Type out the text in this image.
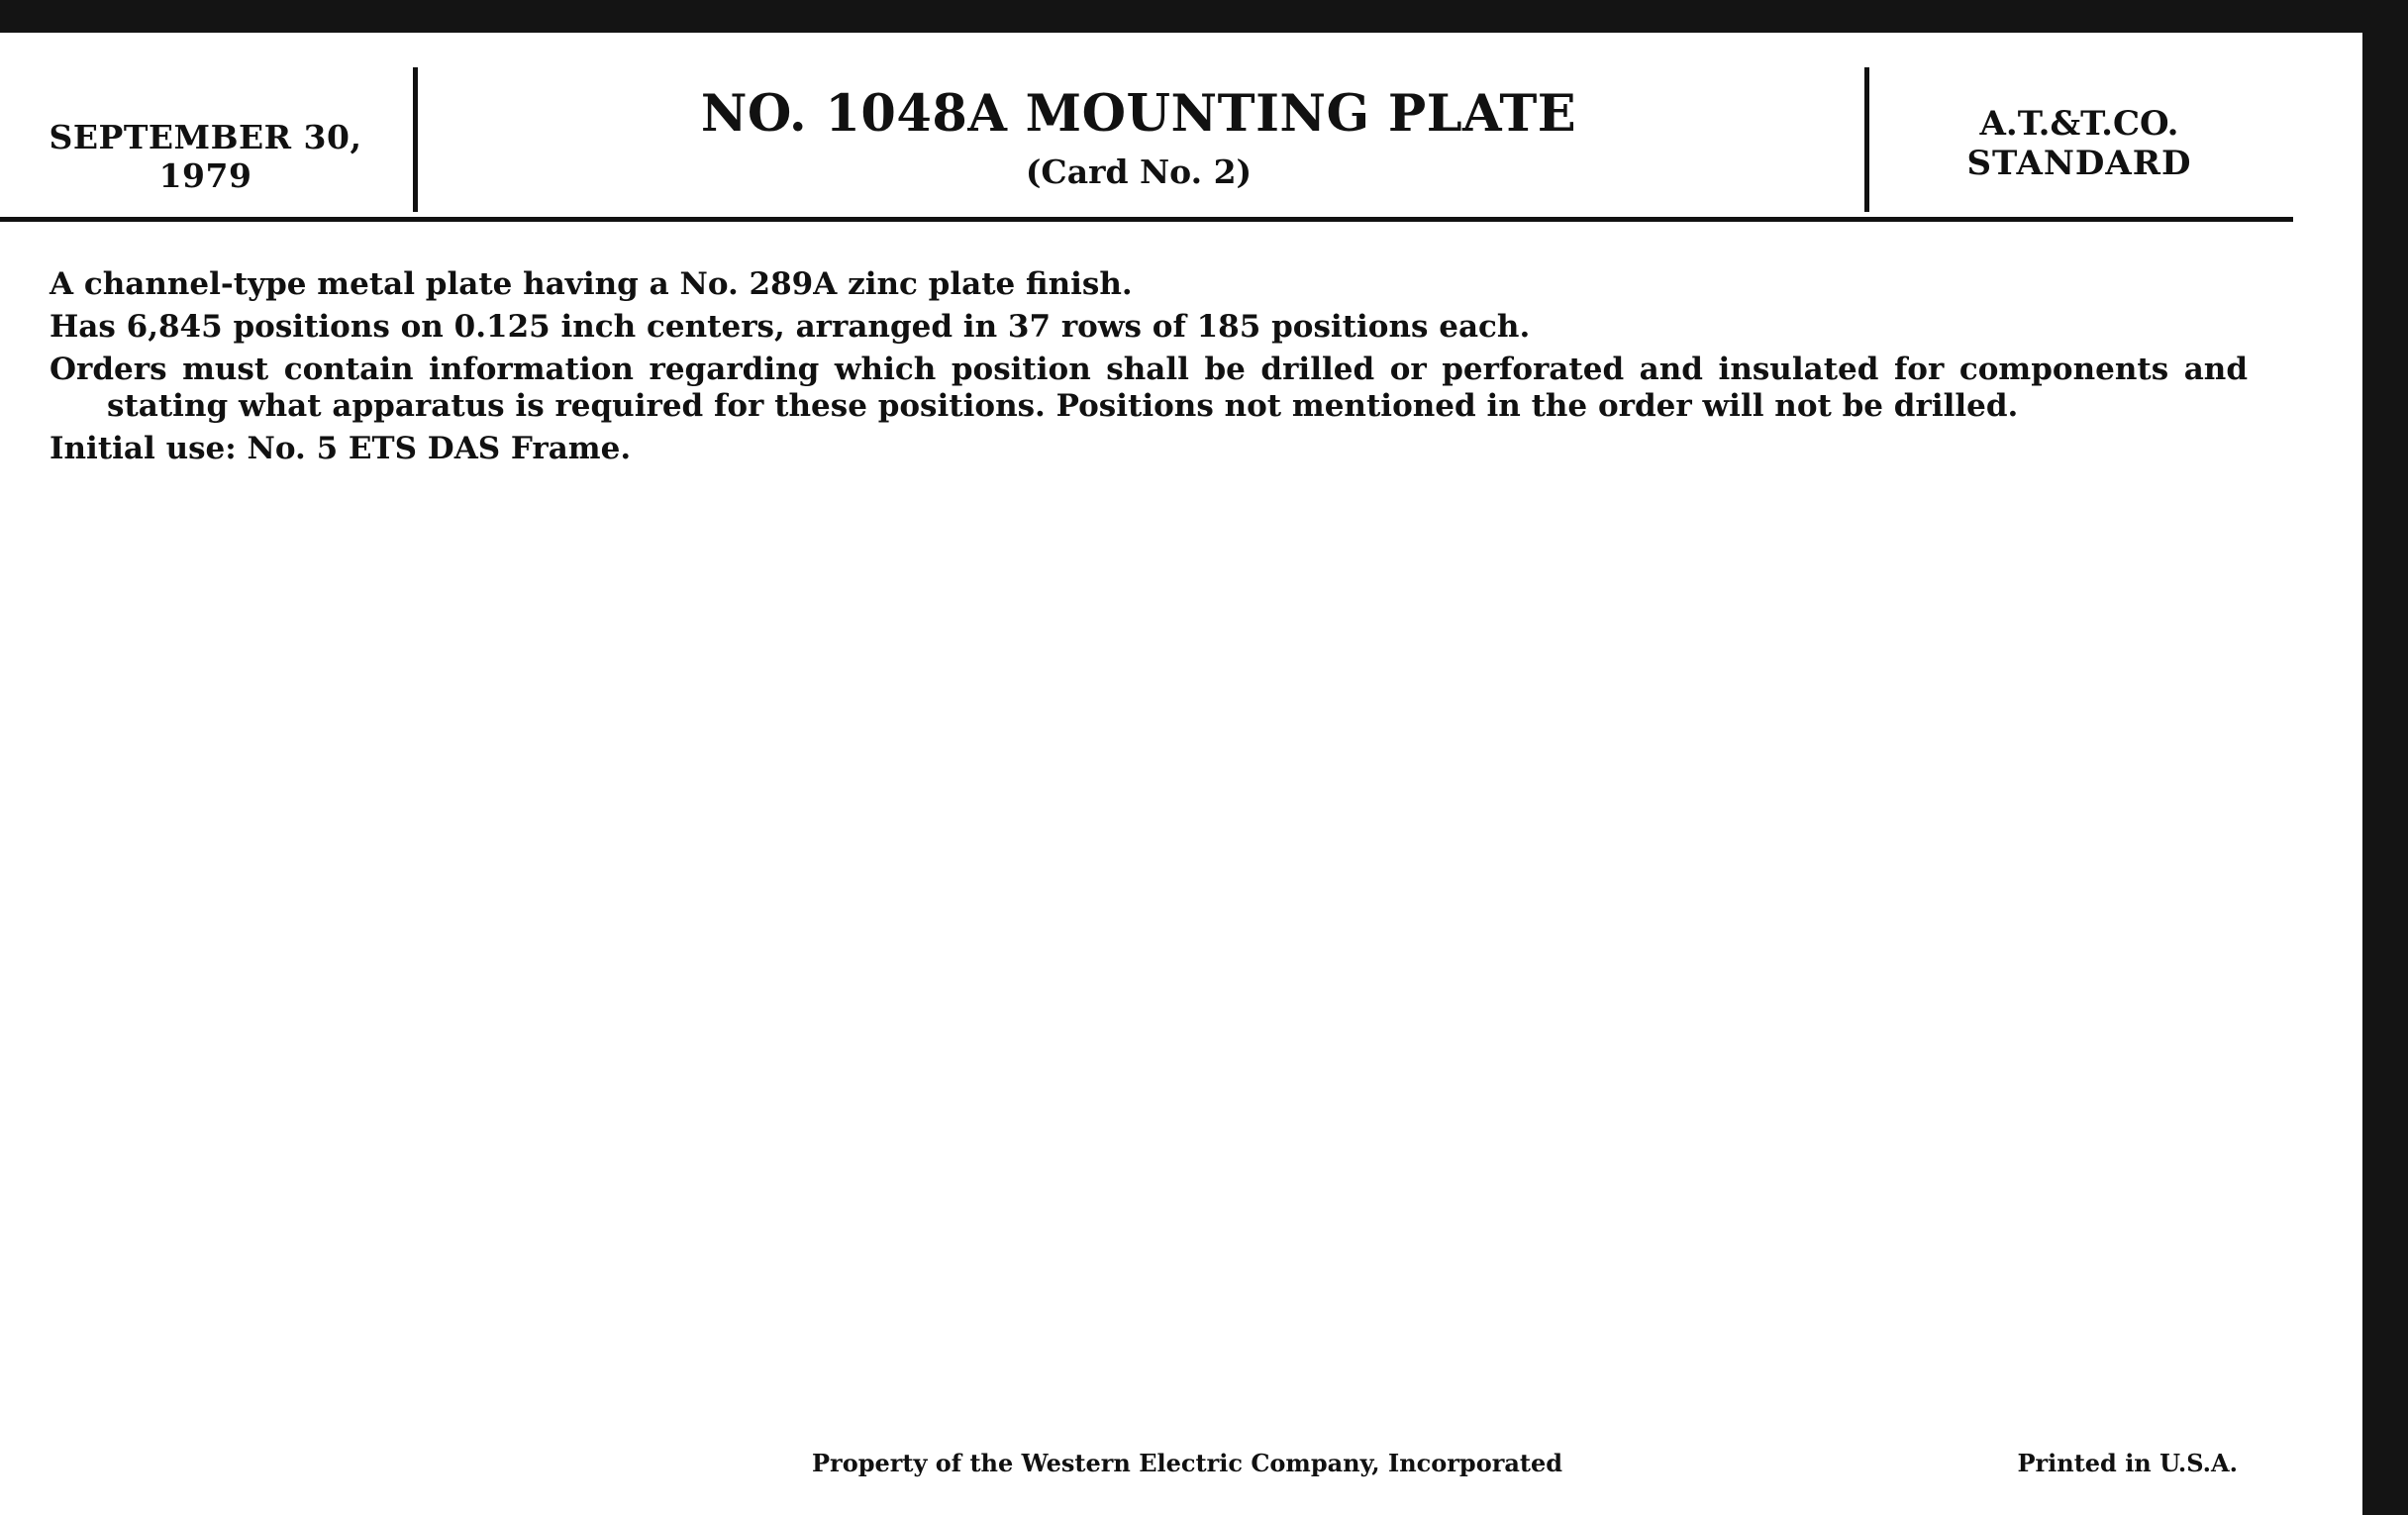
SEPTEMBER 30, 1979
NO. 1048A MOUNTING PLATE
(Card No. 2)
A.T.&T.CO.
STANDARD

A channel-type metal plate having a No. 289A zinc plate finish.

Has 6,845 positions on 0.125 inch centers, arranged in 37 rows of 185 positions each.

Orders must contain information regarding which position shall be drilled or perforated and insulated for components and stating what apparatus is required for these positions. Positions not mentioned in the order will not be drilled.

Initial use: No. 5 ETS DAS Frame.

Property of the Western Electric Company, Incorporated	Printed in U.S.A.
